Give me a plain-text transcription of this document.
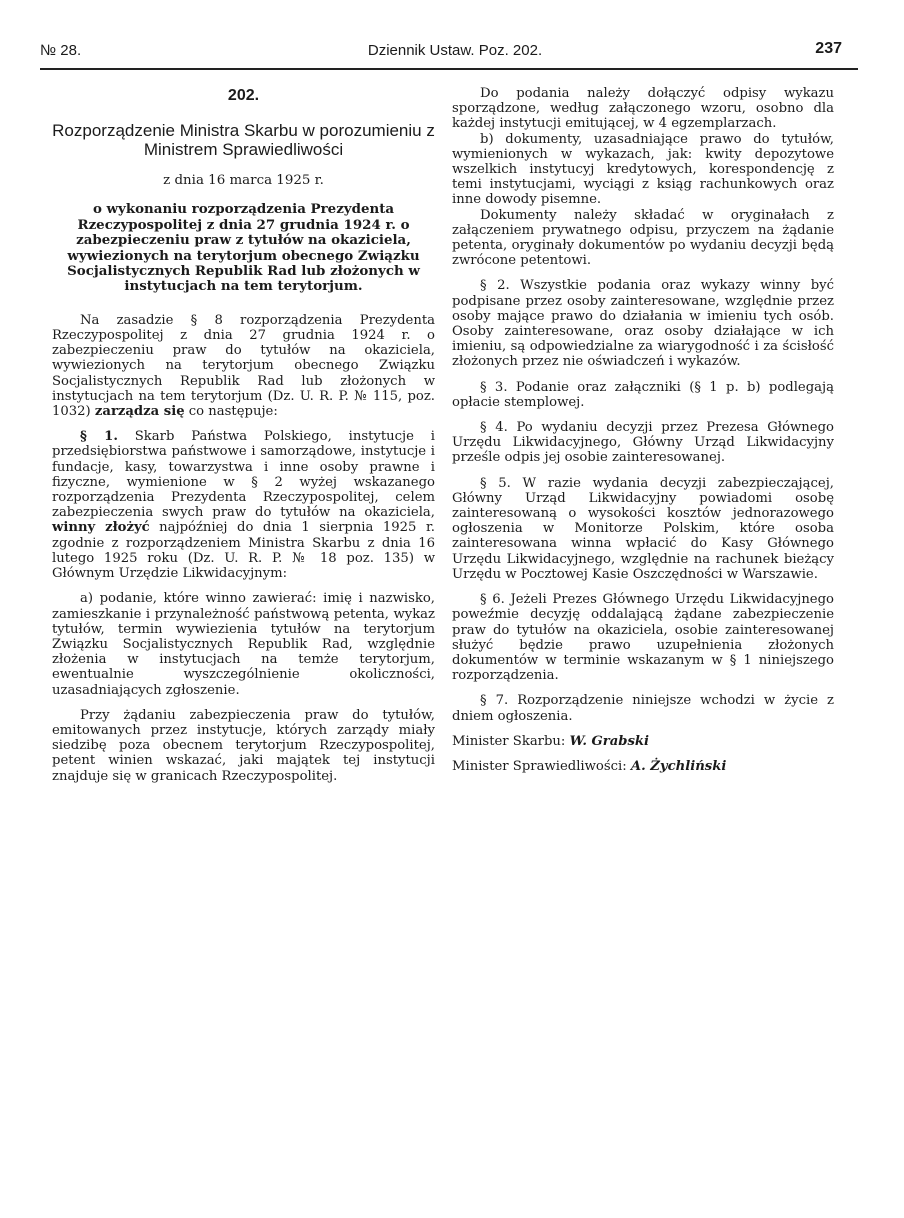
№ 28.	Dziennik Ustaw. Poz. 202.	237

202.

Rozporządzenie Ministra Skarbu w porozumieniu z Ministrem Sprawiedliwości

z dnia 16 marca 1925 r.

o wykonaniu rozporządzenia Prezydenta Rzeczypospolitej z dnia 27 grudnia 1924 r. o zabezpieczeniu praw z tytułów na okaziciela, wywiezionych na terytorjum obecnego Związku Socjalistycznych Republik Rad lub złożonych w instytucjach na tem terytorjum.

Na zasadzie § 8 rozporządzenia Prezydenta Rzeczypospolitej z dnia 27 grudnia 1924 r. o zabezpieczeniu praw do tytułów na okaziciela, wywiezionych na terytorjum obecnego Związku Socjalistycznych Republik Rad lub złożonych w instytucjach na tem terytorjum (Dz. U. R. P. № 115, poz. 1032) zarządza się co następuje:

§ 1. Skarb Państwa Polskiego, instytucje i przedsiębiorstwa państwowe i samorządowe, instytucje i fundacje, kasy, towarzystwa i inne osoby prawne i fizyczne, wymienione w § 2 wyżej wskazanego rozporządzenia Prezydenta Rzeczypospolitej, celem zabezpieczenia swych praw do tytułów na okaziciela, winny złożyć najpóźniej do dnia 1 sierpnia 1925 r. zgodnie z rozporządzeniem Ministra Skarbu z dnia 16 lutego 1925 roku (Dz. U. R. P. № 18 poz. 135) w Głównym Urzędzie Likwidacyjnym:

a) podanie, które winno zawierać: imię i nazwisko, zamieszkanie i przynależność państwową petenta, wykaz tytułów, termin wywiezienia tytułów na terytorjum Związku Socjalistycznych Republik Rad, względnie złożenia w instytucjach na temże terytorjum, ewentualnie wyszczególnienie okoliczności, uzasadniających zgłoszenie.

Przy żądaniu zabezpieczenia praw do tytułów, emitowanych przez instytucje, których zarządy miały siedzibę poza obecnem terytorjum Rzeczypospolitej, petent winien wskazać, jaki majątek tej instytucji znajduje się w granicach Rzeczypospolitej.

Do podania należy dołączyć odpisy wykazu sporządzone, według załączonego wzoru, osobno dla każdej instytucji emitującej, w 4 egzemplarzach.

b) dokumenty, uzasadniające prawo do tytułów, wymienionych w wykazach, jak: kwity depozytowe wszelkich instytucyj kredytowych, korespondencję z temi instytucjami, wyciągi z ksiąg rachunkowych oraz inne dowody pisemne.

Dokumenty należy składać w oryginałach z załączeniem prywatnego odpisu, przyczem na żądanie petenta, oryginały dokumentów po wydaniu decyzji będą zwrócone petentowi.

§ 2. Wszystkie podania oraz wykazy winny być podpisane przez osoby zainteresowane, względnie przez osoby mające prawo do działania w imieniu tych osób. Osoby zainteresowane, oraz osoby działające w ich imieniu, są odpowiedzialne za wiarygodność i za ścisłość złożonych przez nie oświadczeń i wykazów.

§ 3. Podanie oraz załączniki (§ 1 p. b) podlegają opłacie stemplowej.

§ 4. Po wydaniu decyzji przez Prezesa Głównego Urzędu Likwidacyjnego, Główny Urząd Likwidacyjny prześle odpis jej osobie zainteresowanej.

§ 5. W razie wydania decyzji zabezpieczającej, Główny Urząd Likwidacyjny powiadomi osobę zainteresowaną o wysokości kosztów jednorazowego ogłoszenia w Monitorze Polskim, które osoba zainteresowana winna wpłacić do Kasy Głównego Urzędu Likwidacyjnego, względnie na rachunek bieżący Urzędu w Pocztowej Kasie Oszczędności w Warszawie.

§ 6. Jeżeli Prezes Głównego Urzędu Likwidacyjnego poweźmie decyzję oddalającą żądane zabezpieczenie praw do tytułów na okaziciela, osobie zainteresowanej służyć będzie prawo uzupełnienia złożonych dokumentów w terminie wskazanym w § 1 niniejszego rozporządzenia.

§ 7. Rozporządzenie niniejsze wchodzi w życie z dniem ogłoszenia.

Minister Skarbu: W. Grabski

Minister Sprawiedliwości: A. Żychliński
